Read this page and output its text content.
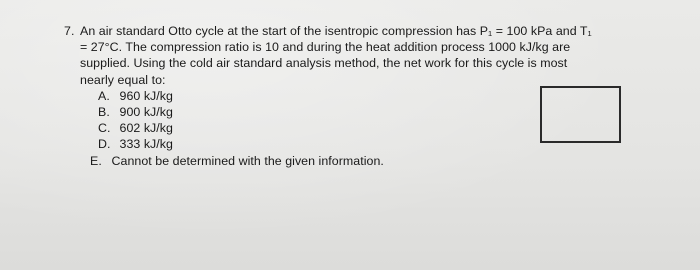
7. An air standard Otto cycle at the start of the isentropic compression has P₁ = 100 kPa and T₁
= 27°C. The compression ratio is 10 and during the heat addition process 1000 kJ/kg are
supplied. Using the cold air standard analysis method, the net work for this cycle is most
nearly equal to:
A. 960 kJ/kg
B. 900 kJ/kg
C. 602 kJ/kg
D. 333 kJ/kg
E. Cannot be determined with the given information.
